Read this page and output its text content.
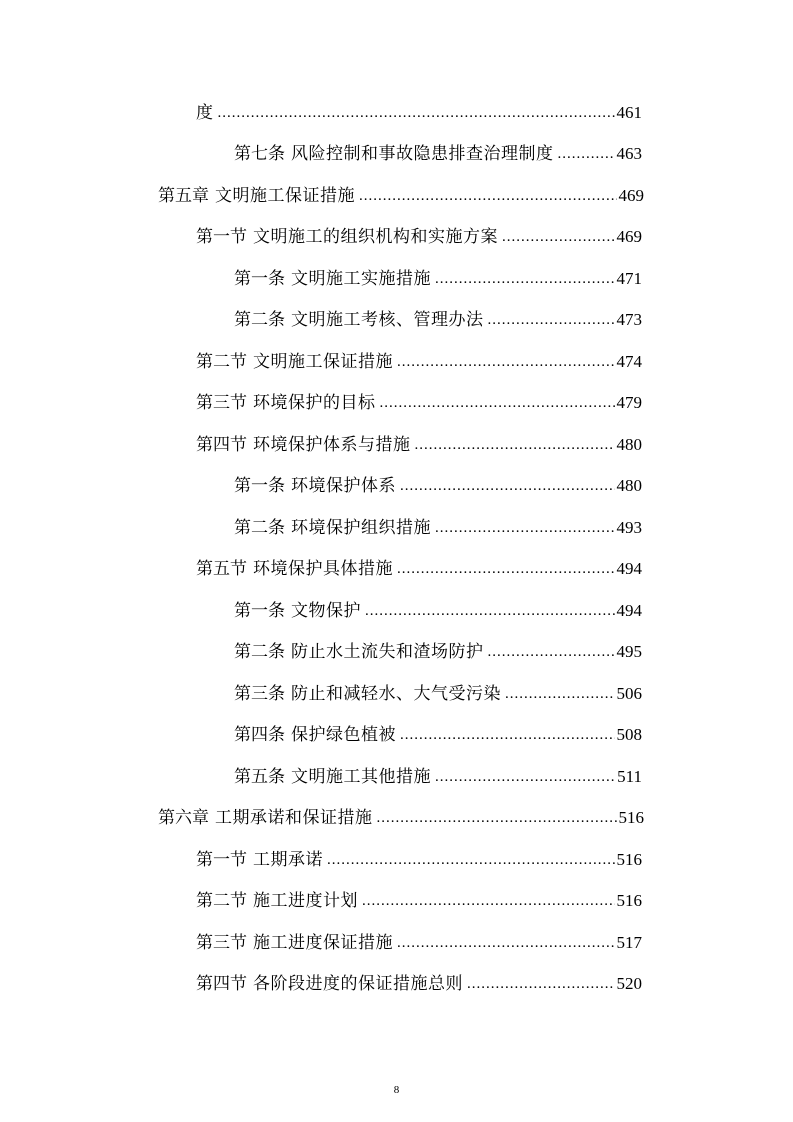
度 .....	461
第七条 风险控制和事故隐患排查治理制度 .....	463
第五章 文明施工保证措施 .....	469
第一节 文明施工的组织机构和实施方案 .....	469
第一条 文明施工实施措施 .....	471
第二条 文明施工考核、管理办法 .....	473
第二节 文明施工保证措施 .....	474
第三节 环境保护的目标 .....	479
第四节 环境保护体系与措施 .....	480
第一条 环境保护体系 .....	480
第二条 环境保护组织措施 .....	493
第五节 环境保护具体措施 .....	494
第一条 文物保护 .....	494
第二条 防止水土流失和渣场防护 .....	495
第三条 防止和减轻水、大气受污染 .....	506
第四条 保护绿色植被 .....	508
第五条 文明施工其他措施 .....	511
第六章 工期承诺和保证措施 .....	516
第一节 工期承诺 .....	516
第二节 施工进度计划 .....	516
第三节 施工进度保证措施 .....	517
第四节 各阶段进度的保证措施总则 .....	520
8
